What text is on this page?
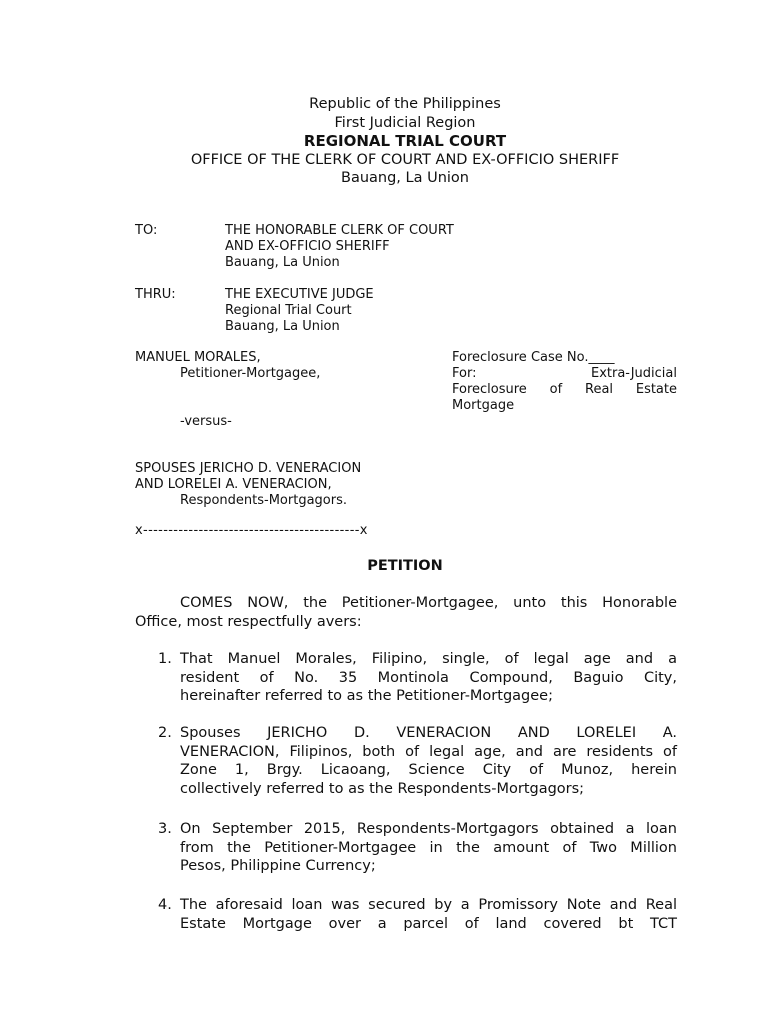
Republic of the Philippines
First Judicial Region
REGIONAL TRIAL COURT
OFFICE OF THE CLERK OF COURT AND EX-OFFICIO SHERIFF
Bauang, La Union
TO:	THE HONORABLE CLERK OF COURT
AND EX-OFFICIO SHERIFF
Bauang, La Union
THRU:	THE EXECUTIVE JUDGE
Regional Trial Court
Bauang, La Union
MANUEL MORALES,
Petitioner-Mortgagee,
-versus-
SPOUSES JERICHO D. VENERACION
AND LORELEI A. VENERACION,
Respondents-Mortgagors.
Foreclosure Case No.____
For:	Extra-Judicial
Foreclosure of Real Estate
Mortgage
x-------------------------------------------x
PETITION
COMES NOW, the Petitioner-Mortgagee, unto this Honorable
Office, most respectfully avers:
1. That Manuel Morales, Filipino, single, of legal age and a
resident of No. 35 Montinola Compound, Baguio City,
hereinafter referred to as the Petitioner-Mortgagee;
2. Spouses JERICHO D. VENERACION AND LORELEI A.
VENERACION, Filipinos, both of legal age, and are residents of
Zone 1, Brgy. Licaoang, Science City of Munoz, herein
collectively referred to as the Respondents-Mortgagors;
3. On September 2015, Respondents-Mortgagors obtained a loan
from the Petitioner-Mortgagee in the amount of Two Million
Pesos, Philippine Currency;
4. The aforesaid loan was secured by a Promissory Note and Real
Estate Mortgage over a parcel of land covered bt TCT
